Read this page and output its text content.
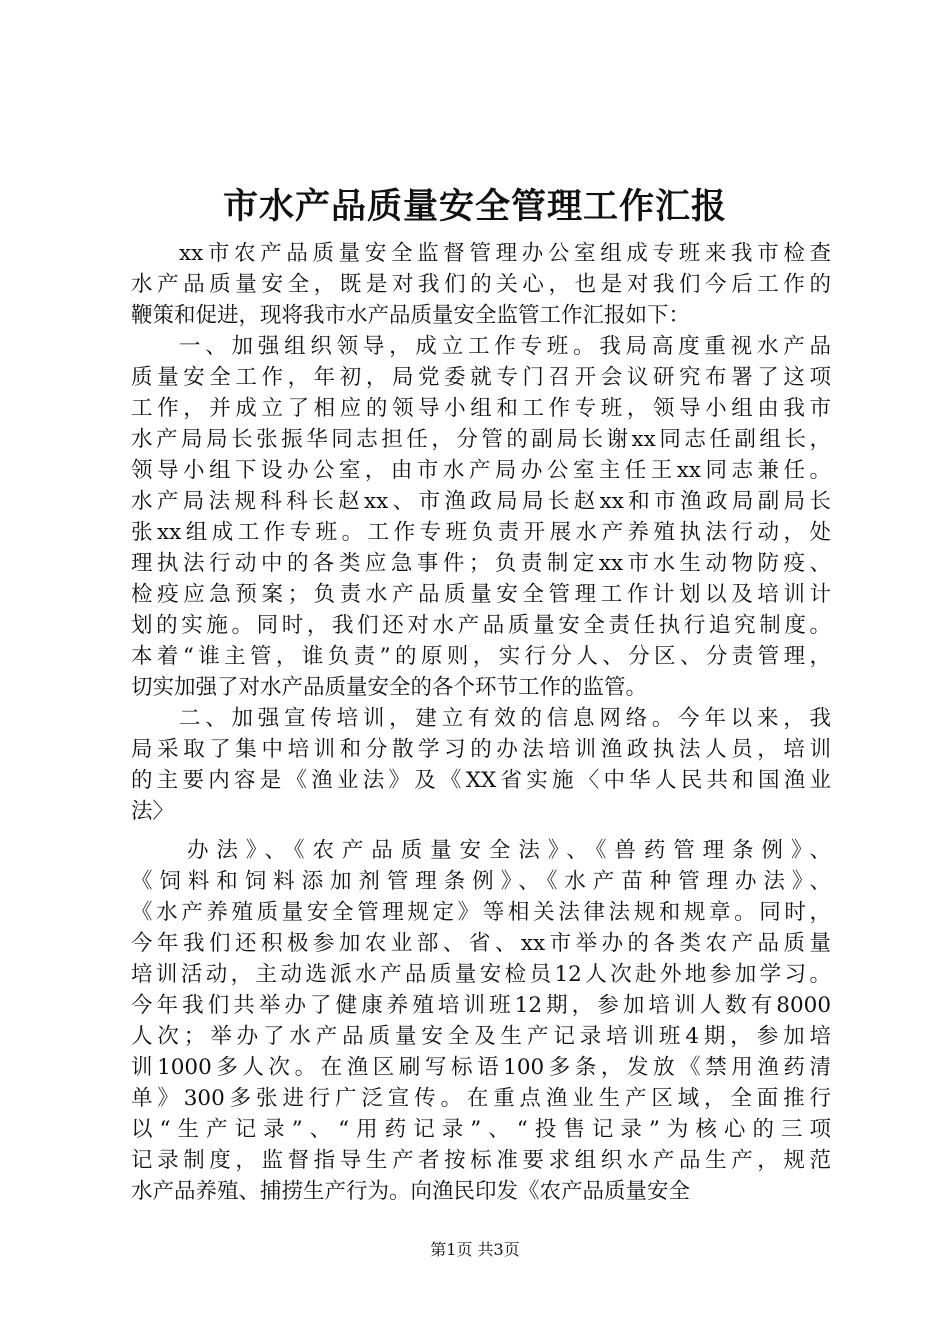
市水产品质量安全管理工作汇报
xx市农产品质量安全监督管理办公室组成专班来我市检查
水产品质量安全，既是对我们的关心，也是对我们今后工作的
鞭策和促进，现将我市水产品质量安全监管工作汇报如下：
一、加强组织领导，成立工作专班。我局高度重视水产品
质量安全工作，年初，局党委就专门召开会议研究布署了这项
工作，并成立了相应的领导小组和工作专班，领导小组由我市
水产局局长张振华同志担任，分管的副局长谢xx同志任副组长，
领导小组下设办公室，由市水产局办公室主任王xx同志兼任。
水产局法规科科长赵xx、市渔政局局长赵xx和市渔政局副局长
张xx组成工作专班。工作专班负责开展水产养殖执法行动，处
理执法行动中的各类应急事件；负责制定xx市水生动物防疫、
检疫应急预案；负责水产品质量安全管理工作计划以及培训计
划的实施。同时，我们还对水产品质量安全责任执行追究制度。
本着“谁主管，谁负责”的原则，实行分人、分区、分责管理，
切实加强了对水产品质量安全的各个环节工作的监管。
二、加强宣传培训，建立有效的信息网络。今年以来，我
局采取了集中培训和分散学习的办法培训渔政执法人员，培训
的主要内容是《渔业法》及《XX省实施〈中华人民共和国渔业
法〉
办法》、《农产品质量安全法》、《兽药管理条例》、
《饲料和饲料添加剂管理条例》、《水产苗种管理办法》、
《水产养殖质量安全管理规定》等相关法律法规和规章。同时，
今年我们还积极参加农业部、省、xx市举办的各类农产品质量
培训活动，主动选派水产品质量安检员12人次赴外地参加学习。
今年我们共举办了健康养殖培训班12期，参加培训人数有8000
人次；举办了水产品质量安全及生产记录培训班4期，参加培
训1000多人次。在渔区刷写标语100多条，发放《禁用渔药清
单》300多张进行广泛宣传。在重点渔业生产区域，全面推行
以“生产记录”、“用药记录”、“投售记录”为核心的三项
记录制度，监督指导生产者按标准要求组织水产品生产，规范
水产品养殖、捕捞生产行为。向渔民印发《农产品质量安全
第1页 共3页
